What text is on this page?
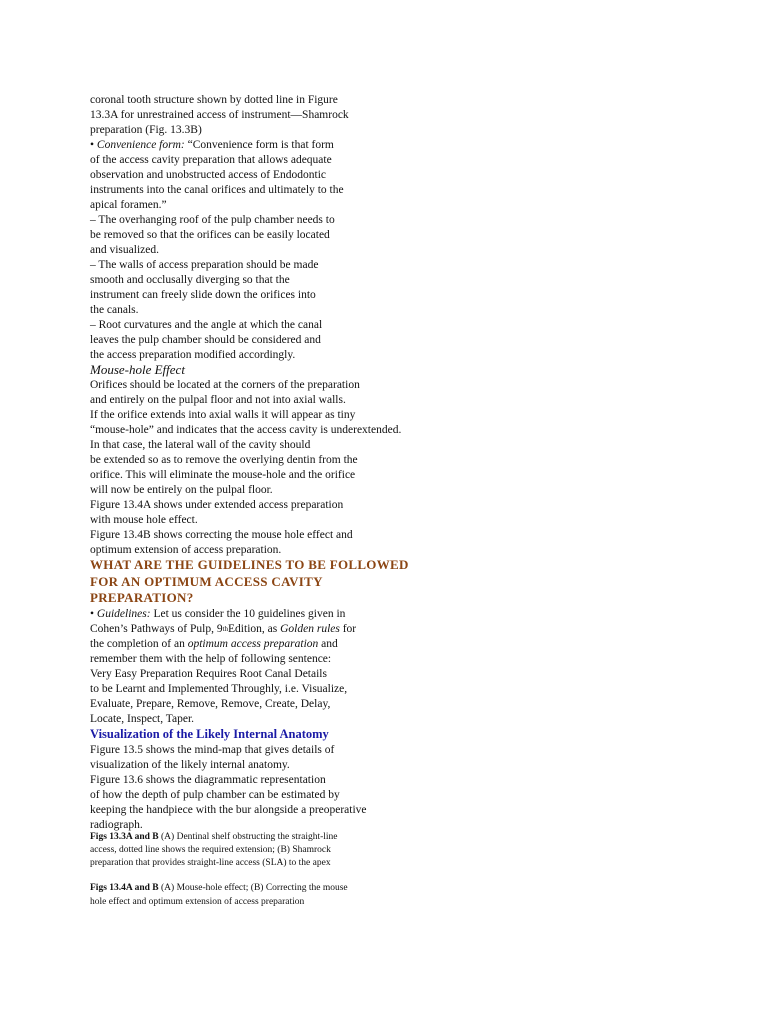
coronal tooth structure shown by dotted line in Figure
13.3A for unrestrained access of instrument—Shamrock
preparation (Fig. 13.3B)
• Convenience form: “Convenience form is that form
of the access cavity preparation that allows adequate
observation and unobstructed access of Endodontic
instruments into the canal orifices and ultimately to the
apical foramen.”
– The overhanging roof of the pulp chamber needs to
be removed so that the orifices can be easily located
and visualized.
– The walls of access preparation should be made
smooth and occlusally diverging so that the
instrument can freely slide down the orifices into
the canals.
– Root curvatures and the angle at which the canal
leaves the pulp chamber should be considered and
the access preparation modified accordingly.
Mouse-hole Effect
Orifices should be located at the corners of the preparation
and entirely on the pulpal floor and not into axial walls.
If the orifice extends into axial walls it will appear as tiny
“mouse-hole” and indicates that the access cavity is underextended.
In that case, the lateral wall of the cavity should
be extended so as to remove the overlying dentin from the
orifice. This will eliminate the mouse-hole and the orifice
will now be entirely on the pulpal floor.
Figure 13.4A shows under extended access preparation
with mouse hole effect.
Figure 13.4B shows correcting the mouse hole effect and
optimum extension of access preparation.
WHAT ARE THE GUIDELINES TO BE FOLLOWED
FOR AN OPTIMUM ACCESS CAVITY
PREPARATION?
• Guidelines: Let us consider the 10 guidelines given in
Cohen’s Pathways of Pulp, 9thEdition, as Golden rules for
the completion of an optimum access preparation and
remember them with the help of following sentence:
Very Easy Preparation Requires Root Canal Details
to be Learnt and Implemented Throughly, i.e. Visualize,
Evaluate, Prepare, Remove, Remove, Create, Delay,
Locate, Inspect, Taper.
Visualization of the Likely Internal Anatomy
Figure 13.5 shows the mind-map that gives details of
visualization of the likely internal anatomy.
Figure 13.6 shows the diagrammatic representation
of how the depth of pulp chamber can be estimated by
keeping the handpiece with the bur alongside a preoperative
radiograph.
Figs 13.3A and B (A) Dentinal shelf obstructing the straight-line
access, dotted line shows the required extension; (B) Shamrock
preparation that provides straight-line access (SLA) to the apex
Figs 13.4A and B (A) Mouse-hole effect; (B) Correcting the mouse
hole effect and optimum extension of access preparation
